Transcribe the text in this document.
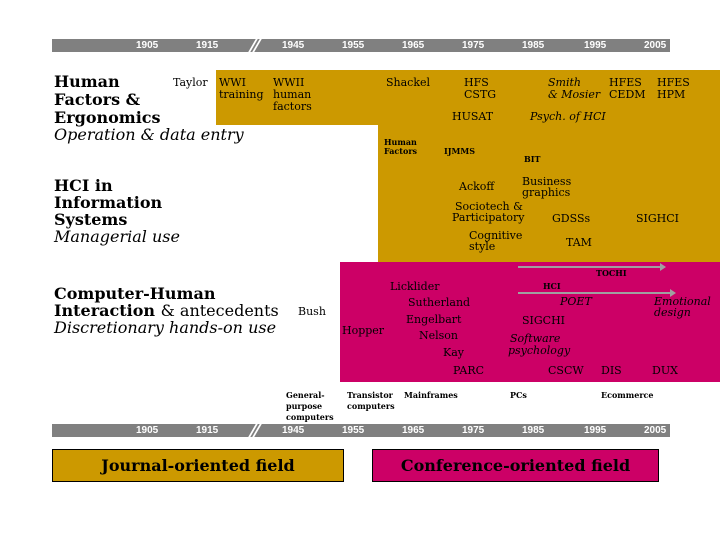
1905	1915	1945	1955	1965	1975	1985	1995	2005
Human
Factors &
Ergonomics
Operation & data entry
Taylor WWI
training
WWII
human
factors
Shackel	HFS
CSTG
HUSAT
Smith
& Mosier
HFES
CEDM
HFES
HPM
Psych. of HCI
Human
Factors	IJMMS
BIT
HCI in
Information
Systems
Managerial use
Ackoff	Business
graphics
Sociotech &
Participatory	GDSSs	SIGHCI
Cognitive
style	TAM
Computer-Human
Interaction & antecedents
Discretionary hands-on use
Bush
Hopper
Licklider
Sutherland
Engelbart
Nelson
Kay
PARC
TOCHI
HCI
POET	Emotional
design
SIGCHI
Software
psychology
CSCW DIS	DUX
General-
purpose
computers
Transistor
computers
Mainframes	PCs	Ecommerce
1905	1915	1945	1955	1965	1975	1985	1995	2005
Journal-oriented field	Conference-oriented field
